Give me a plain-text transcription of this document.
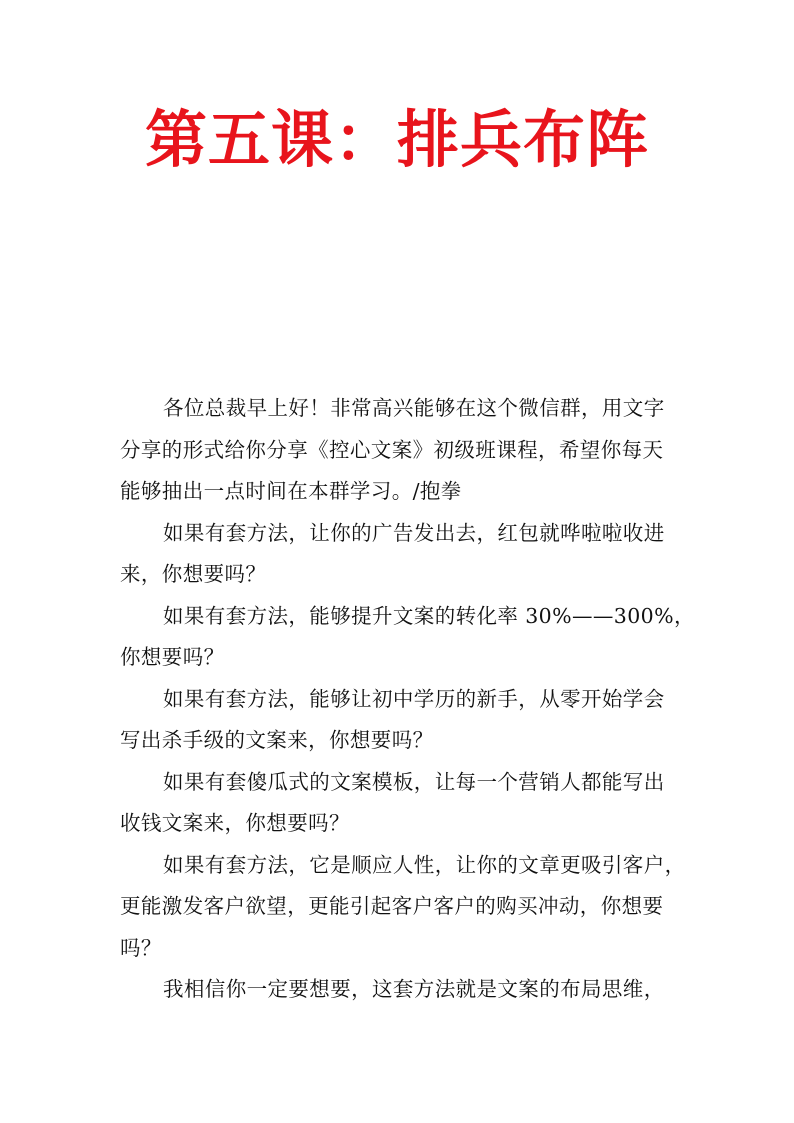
第五课：排兵布阵
各位总裁早上好！非常高兴能够在这个微信群，用文字
分享的形式给你分享《控心文案》初级班课程，希望你每天
能够抽出一点时间在本群学习。/抱拳
如果有套方法，让你的广告发出去，红包就哗啦啦收进
来，你想要吗？
如果有套方法，能够提升文案的转化率 30%——300%，
你想要吗？
如果有套方法，能够让初中学历的新手，从零开始学会
写出杀手级的文案来，你想要吗？
如果有套傻瓜式的文案模板，让每一个营销人都能写出
收钱文案来，你想要吗？
如果有套方法，它是顺应人性，让你的文章更吸引客户，
更能激发客户欲望，更能引起客户客户的购买冲动，你想要
吗？
我相信你一定要想要，这套方法就是文案的布局思维，
